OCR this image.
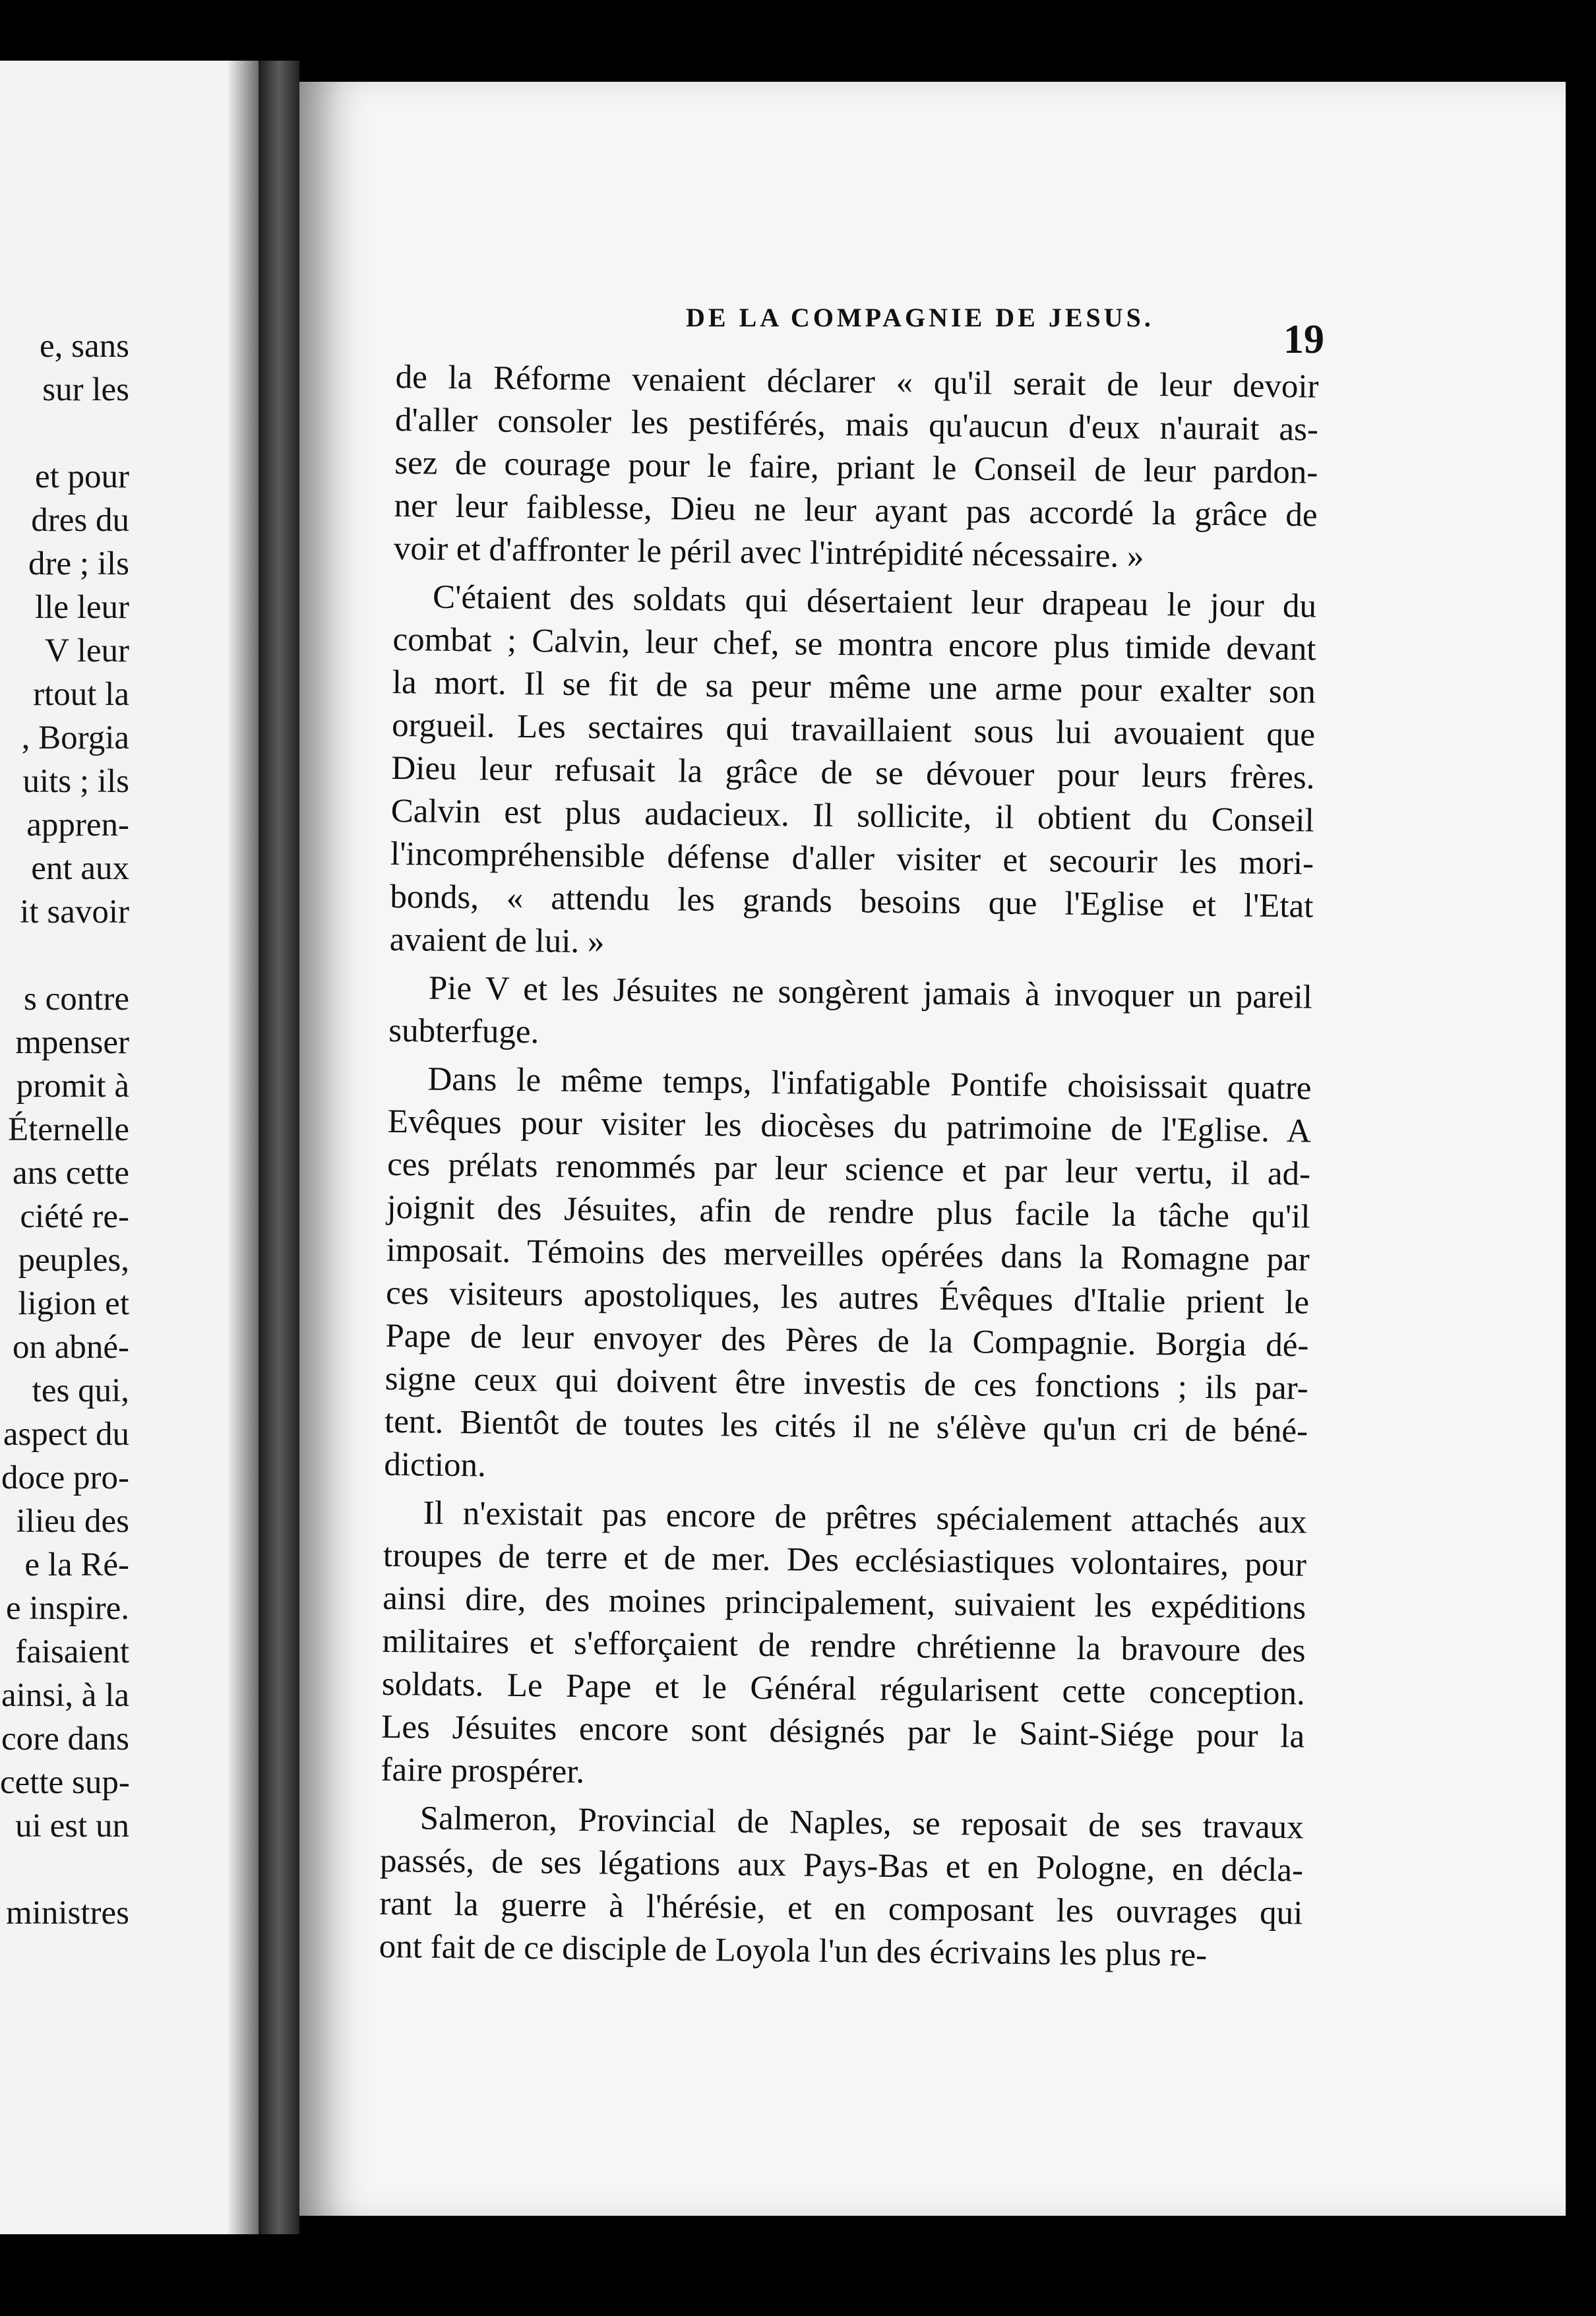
e, sans
sur les
et pour
dres du
dre ; ils
lle leur
V leur
rtout la
, Borgia
uits ; ils
appren-
ent aux
it savoir
s contre
mpenser
promit à
Éternelle
ans cette
ciété re-
peuples,
ligion et
on abné-
tes qui,
aspect du
doce pro-
ilieu des
e la Ré-
e inspire.
faisaient
ainsi, à la
core dans
cette sup-
ui est un
ministres
DE LA COMPAGNIE DE JESUS.	19
de la Réforme venaient déclarer « qu'il serait de leur devoir
d'aller consoler les pestiférés, mais qu'aucun d'eux n'aurait as-
sez de courage pour le faire, priant le Conseil de leur pardon-
ner leur faiblesse, Dieu ne leur ayant pas accordé la grâce de
voir et d'affronter le péril avec l'intrépidité nécessaire. »
C'étaient des soldats qui désertaient leur drapeau le jour du
combat ; Calvin, leur chef, se montra encore plus timide devant
la mort. Il se fit de sa peur même une arme pour exalter son
orgueil. Les sectaires qui travaillaient sous lui avouaient que
Dieu leur refusait la grâce de se dévouer pour leurs frères.
Calvin est plus audacieux. Il sollicite, il obtient du Conseil
l'incompréhensible défense d'aller visiter et secourir les mori-
bonds, « attendu les grands besoins que l'Eglise et l'Etat
avaient de lui. »
Pie V et les Jésuites ne songèrent jamais à invoquer un pareil
subterfuge.
Dans le même temps, l'infatigable Pontife choisissait quatre
Evêques pour visiter les diocèses du patrimoine de l'Eglise. A
ces prélats renommés par leur science et par leur vertu, il ad-
joignit des Jésuites, afin de rendre plus facile la tâche qu'il
imposait. Témoins des merveilles opérées dans la Romagne par
ces visiteurs apostoliques, les autres Évêques d'Italie prient le
Pape de leur envoyer des Pères de la Compagnie. Borgia dé-
signe ceux qui doivent être investis de ces fonctions ; ils par-
tent. Bientôt de toutes les cités il ne s'élève qu'un cri de béné-
diction.
Il n'existait pas encore de prêtres spécialement attachés aux
troupes de terre et de mer. Des ecclésiastiques volontaires, pour
ainsi dire, des moines principalement, suivaient les expéditions
militaires et s'efforçaient de rendre chrétienne la bravoure des
soldats. Le Pape et le Général régularisent cette conception.
Les Jésuites encore sont désignés par le Saint-Siége pour la
faire prospérer.
Salmeron, Provincial de Naples, se reposait de ses travaux
passés, de ses légations aux Pays-Bas et en Pologne, en décla-
rant la guerre à l'hérésie, et en composant les ouvrages qui
ont fait de ce disciple de Loyola l'un des écrivains les plus re-
